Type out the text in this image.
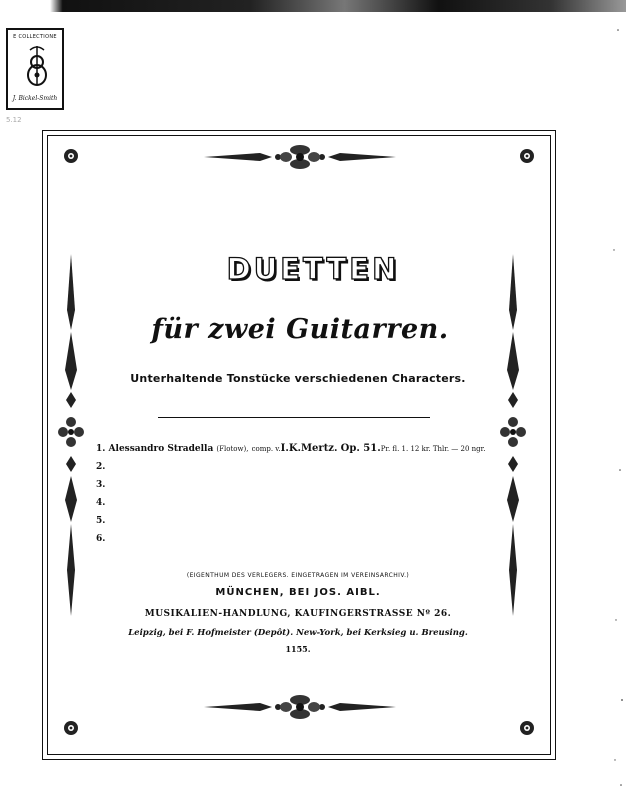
E COLLECTIONE
J. Bickel-Smith
5.12
DUETTEN
für zwei Guitarren.
Unterhaltende Tonstücke verschiedenen Characters.
1. Alessandro Stradella (Flotow), comp. v.I.K.Mertz. Op. 51.Pr. fl. 1. 12 kr. Thlr. — 20 ngr.
2.
3.
4.
5.
6.
(EIGENTHUM DES VERLEGERS. EINGETRAGEN IM VEREINSARCHIV.)
MÜNCHEN, BEI JOS. AIBL.
MUSIKALIEN-HANDLUNG, KAUFINGERSTRASSE Nº 26.
Leipzig, bei F. Hofmeister (Depôt). New-York, bei Kerksieg u. Breusing.
1155.
